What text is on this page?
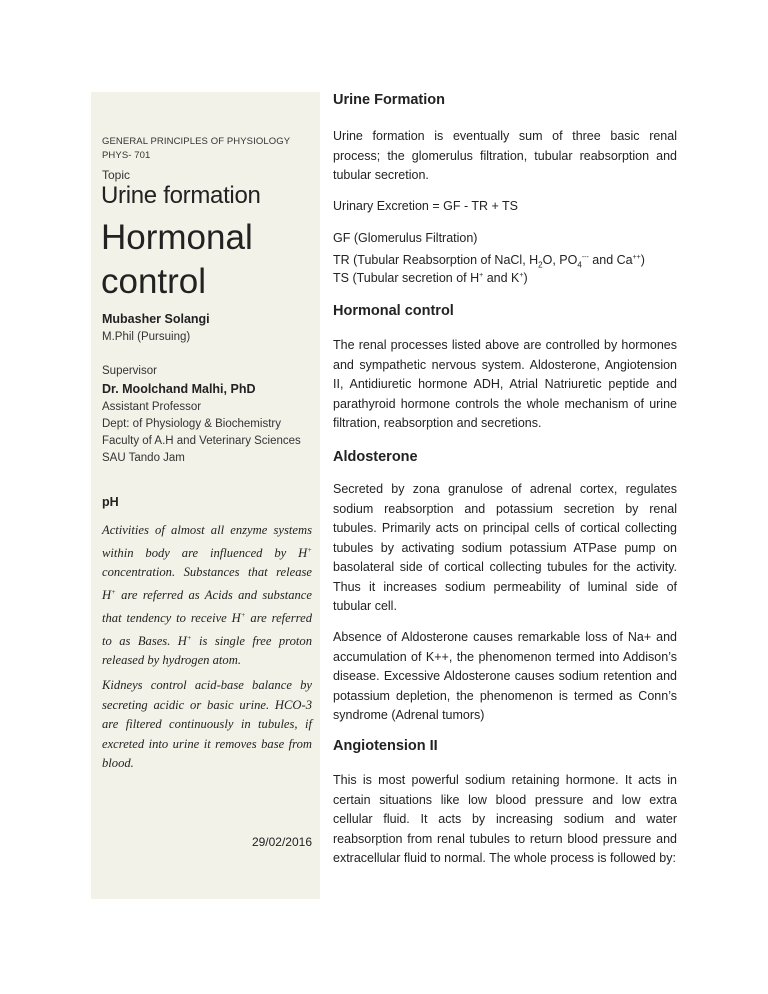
GENERAL PRINCIPLES OF PHYSIOLOGY
PHYS- 701
Topic
Urine formation
Hormonal
control
Mubasher Solangi
M.Phil (Pursuing)
Supervisor
Dr. Moolchand Malhi, PhD
Assistant Professor
Dept: of Physiology & Biochemistry
Faculty of A.H and Veterinary Sciences
SAU Tando Jam
pH
Activities of almost all enzyme systems within body are influenced by H+ concentration. Substances that release H+ are referred as Acids and substance that tendency to receive H+ are referred to as Bases. H+ is single free proton released by hydrogen atom.
Kidneys control acid-base balance by secreting acidic or basic urine. HCO-3 are filtered continuously in tubules, if excreted into urine it removes base from blood.
29/02/2016
Urine Formation
Urine formation is eventually sum of three basic renal process; the glomerulus filtration, tubular reabsorption and tubular secretion.
Urinary Excretion = GF - TR + TS
GF (Glomerulus Filtration)
TR (Tubular Reabsorption of NaCl, $H_2O$, $PO_4^{---}$ and Ca++)
TS (Tubular secretion of H+ and K+)
Hormonal control
The renal processes listed above are controlled by hormones and sympathetic nervous system. Aldosterone, Angiotension II, Antidiuretic hormone ADH, Atrial Natriuretic peptide and parathyroid hormone controls the whole mechanism of urine filtration, reabsorption and secretions.
Aldosterone
Secreted by zona granulose of adrenal cortex, regulates sodium reabsorption and potassium secretion by renal tubules. Primarily acts on principal cells of cortical collecting tubules by activating sodium potassium ATPase pump on basolateral side of cortical collecting tubules for the activity. Thus it increases sodium permeability of luminal side of tubular cell.
Absence of Aldosterone causes remarkable loss of Na+ and accumulation of K++, the phenomenon termed into Addison’s disease. Excessive Aldosterone causes sodium retention and potassium depletion, the phenomenon is termed as Conn’s syndrome (Adrenal tumors)
Angiotension II
This is most powerful sodium retaining hormone. It acts in certain situations like low blood pressure and low extra cellular fluid. It acts by increasing sodium and water reabsorption from renal tubules to return blood pressure and extracellular fluid to normal. The whole process is followed by:
